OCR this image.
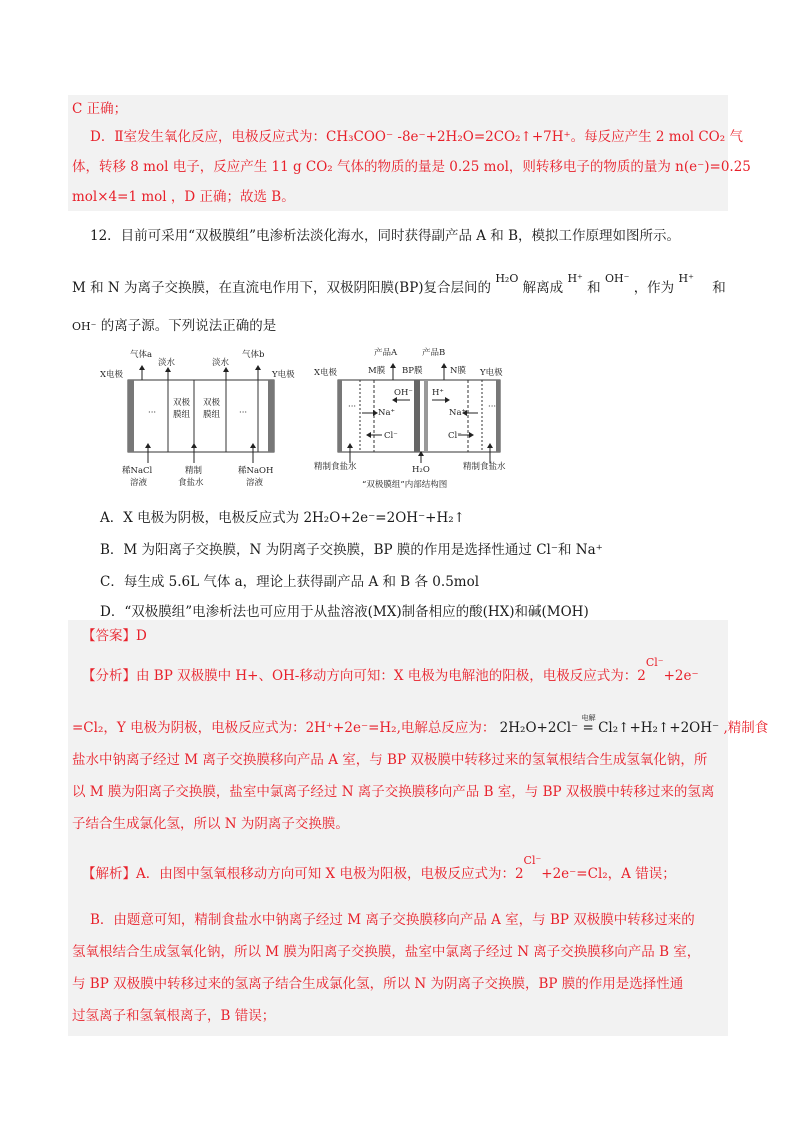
C 正确；
D．Ⅱ室发生氧化反应，电极反应式为：CH₃COO⁻ -8e⁻+2H₂O=2CO₂↑+7H⁺。每反应产生 2 mol CO₂ 气
体，转移 8 mol 电子，反应产生 11 g CO₂ 气体的物质的量是 0.25 mol，则转移电子的物质的量为 n(e⁻)=0.25
mol×4=1 mol ，D 正确；故选 B。
12．目前可采用“双极膜组”电渗析法淡化海水，同时获得副产品 A 和 B，模拟工作原理如图所示。
M 和 N 为离子交换膜，在直流电作用下，双极阴阳膜(BP)复合层间的 $^{H_2O}$ 解离成 $^{H^+}$ 和 $^{OH^-}$ ，作为 $^{H^+}$ 和
OH⁻ 的离子源。下列说法正确的是
气体a
淡水	淡水
气体b
X电极	Y电极
···	···
双极
膜组
双极
膜组
稀NaCl
溶液
精制
食盐水
稀NaOH
溶液
产品A	产品B
X电极	M膜 BP膜	N膜 Y电极
OH⁻ H⁺
···	···
Na⁺	Na⁺
Cl⁻	Cl⁻
精制食盐水	H₂O	精制食盐水
“双极膜组”内部结构图
A．X 电极为阴极，电极反应式为 2H₂O+2e⁻=2OH⁻+H₂↑
B．M 为阳离子交换膜，N 为阴离子交换膜，BP 膜的作用是选择性通过 Cl⁻和 Na⁺
C．每生成 5.6L 气体 a，理论上获得副产品 A 和 B 各 0.5mol
D．“双极膜组”电渗析法也可应用于从盐溶液(MX)制备相应的酸(HX)和碱(MOH)
【答案】D
【分析】由 BP 双极膜中 H+、OH-移动方向可知：X 电极为电解池的阳极，电极反应式为：$2^{Cl^-}+2e^-$
=Cl₂，Y 电极为阴极，电极反应式为：2H⁺+2e⁻=H₂,电解总反应为：
电解
2H₂O+2Cl⁻ = Cl₂↑+H₂↑+2OH⁻ ,精制食
盐水中钠离子经过 M 离子交换膜移向产品 A 室，与 BP 双极膜中转移过来的氢氧根结合生成氢氧化钠，所
以 M 膜为阳离子交换膜，盐室中氯离子经过 N 离子交换膜移向产品 B 室，与 BP 双极膜中转移过来的氢离
子结合生成氯化氢，所以 N 为阴离子交换膜。
【解析】A．由图中氢氧根移动方向可知 X 电极为阳极，电极反应式为：$2^{Cl^-}+2e^-=Cl_2$，A 错误；
B．由题意可知，精制食盐水中钠离子经过 M 离子交换膜移向产品 A 室，与 BP 双极膜中转移过来的
氢氧根结合生成氢氧化钠，所以 M 膜为阳离子交换膜，盐室中氯离子经过 N 离子交换膜移向产品 B 室，
与 BP 双极膜中转移过来的氢离子结合生成氯化氢，所以 N 为阴离子交换膜，BP 膜的作用是选择性通
过氢离子和氢氧根离子，B 错误；
